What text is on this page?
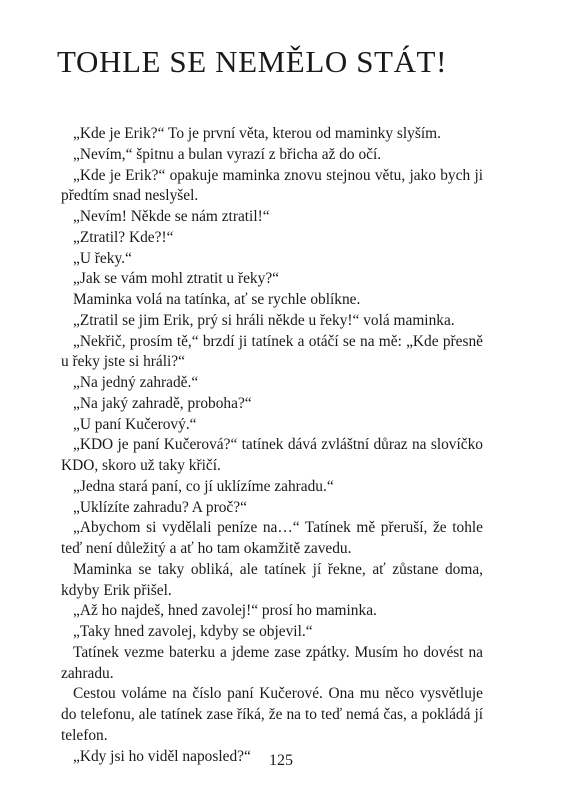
TOHLE SE NEMĚLO STÁT!

„Kde je Erik?“ To je první věta, kterou od maminky slyším.

„Nevím,“ špitnu a bulan vyrazí z břicha až do očí.

„Kde je Erik?“ opakuje maminka znovu stejnou větu, jako bych ji předtím snad neslyšel.

„Nevím! Někde se nám ztratil!“

„Ztratil? Kde?!“

„U řeky.“

„Jak se vám mohl ztratit u řeky?“

Maminka volá na tatínka, ať se rychle oblíkne.

„Ztratil se jim Erik, prý si hráli někde u řeky!“ volá maminka.

„Nekřič, prosím tě,“ brzdí ji tatínek a otáčí se na mě: „Kde přesně u řeky jste si hráli?“

„Na jedný zahradě.“

„Na jaký zahradě, proboha?“

„U paní Kučerový.“

„KDO je paní Kučerová?“ tatínek dává zvláštní důraz na slovíčko KDO, skoro už taky křičí.

„Jedna stará paní, co jí uklízíme zahradu.“

„Uklízíte zahradu? A proč?“

„Abychom si vydělali peníze na…“ Tatínek mě přeruší, že tohle teď není důležitý a ať ho tam okamžitě zavedu.

Maminka se taky obliká, ale tatínek jí řekne, ať zůstane doma, kdyby Erik přišel.

„Až ho najdeš, hned zavolej!“ prosí ho maminka.

„Taky hned zavolej, kdyby se objevil.“

Tatínek vezme baterku a jdeme zase zpátky. Musím ho dovést na zahradu.

Cestou voláme na číslo paní Kučerové. Ona mu něco vysvětluje do telefonu, ale tatínek zase říká, že na to teď nemá čas, a pokládá jí telefon.

„Kdy jsi ho viděl naposled?“	125
